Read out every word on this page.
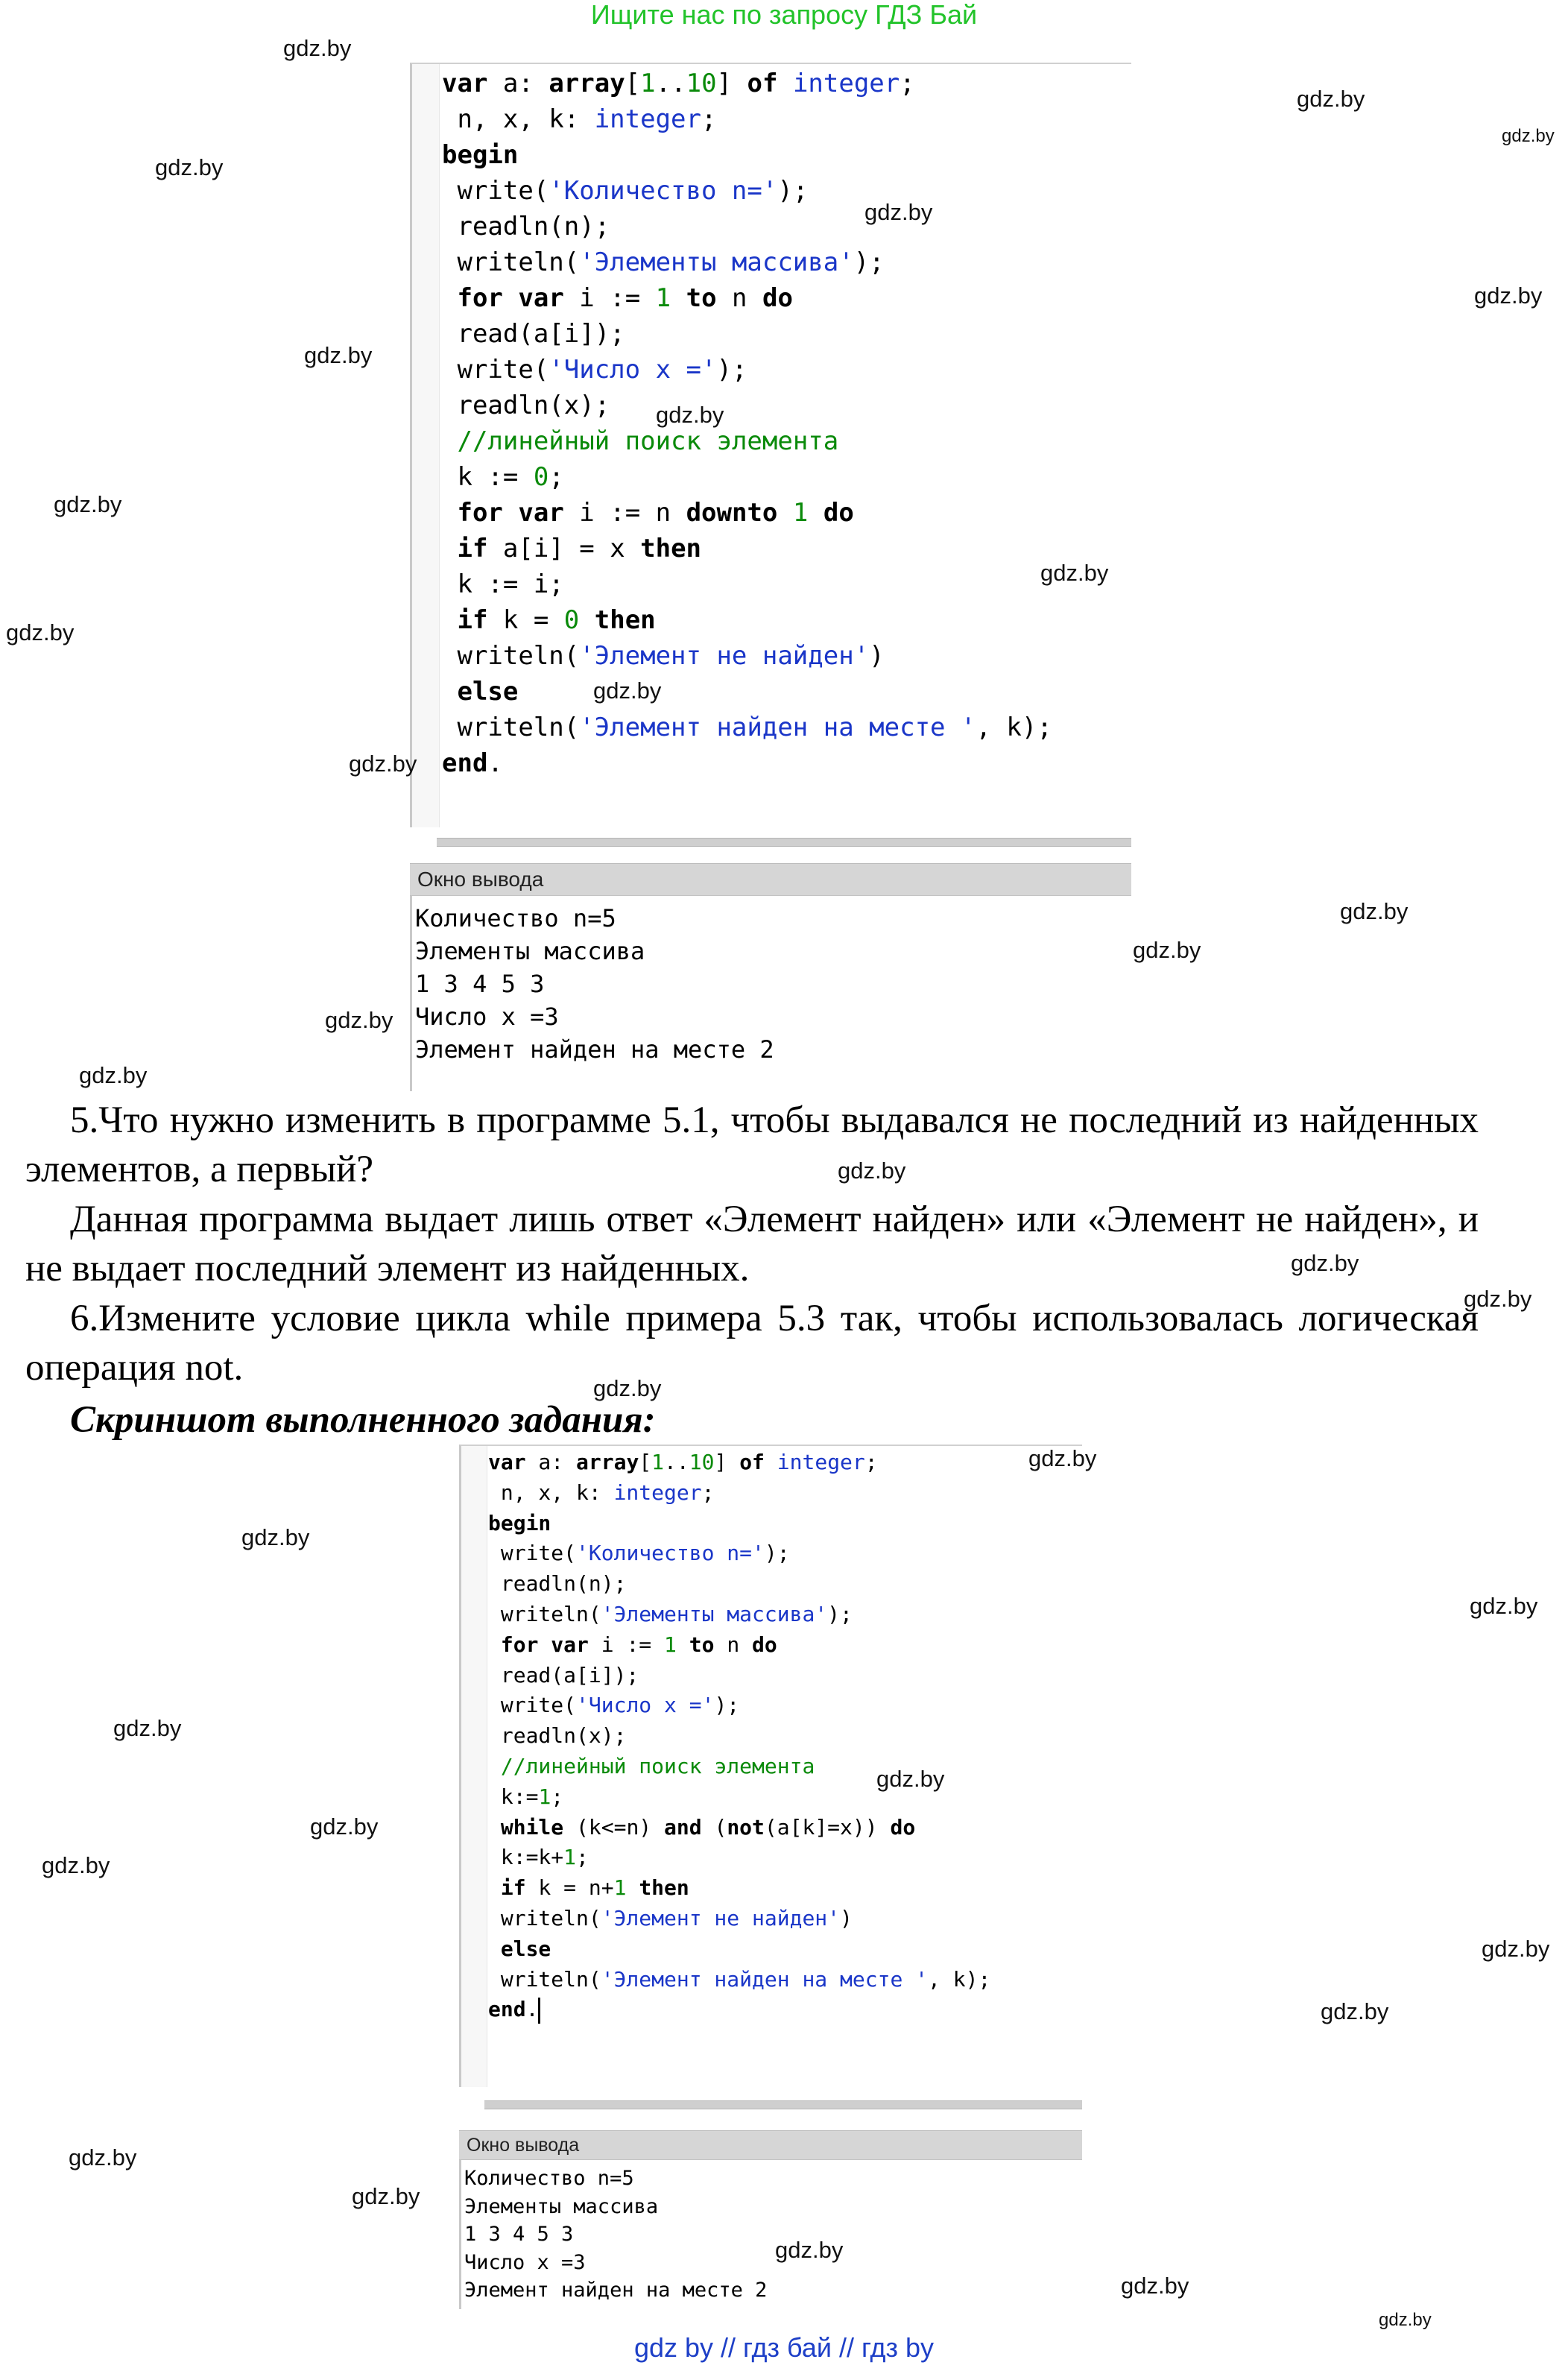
Ищите нас по запросу ГДЗ Бай
var a: array[1..10] of integer;
n, x, k: integer;
begin
write('Количество n=');
readln(n);
writeln('Элементы массива');
for var i := 1 to n do
read(a[i]);
write('Число x =');
readln(x);
//линейный поиск элемента
k := 0;
for var i := n downto 1 do
if a[i] = x then
k := i;
if k = 0 then
writeln('Элемент не найден')
else
writeln('Элемент найден на месте ', k);
end.
Окно вывода
Количество n=5
Элементы массива
1 3 4 5 3
Число x =3
Элемент найден на месте 2

5.Что нужно изменить в программе 5.1, чтобы выдавался не последний из найденных элементов, а первый?

Данная программа выдает лишь ответ «Элемент найден» или «Элемент не найден», и не выдает последний элемент из найденных.

6.Измените условие цикла while примера 5.3 так, чтобы использовалась логическая операция not.

Скриншот выполненного задания:
var a: array[1..10] of integer;
n, x, k: integer;
begin
write('Количество n=');
readln(n);
writeln('Элементы массива');
for var i := 1 to n do
read(a[i]);
write('Число x =');
readln(x);
//линейный поиск элемента
k:=1;
while (k<=n) and (not(a[k]=x)) do
k:=k+1;
if k = n+1 then
writeln('Элемент не найден')
else
writeln('Элемент найден на месте ', k);
end.
Окно вывода
Количество n=5
Элементы массива
1 3 4 5 3
Число x =3
Элемент найден на месте 2
gdz by // гдз бай // гдз by
gdz.by
gdz.by
gdz.by
gdz.by
gdz.by
gdz.by
gdz.by
gdz.by
gdz.by
gdz.by
gdz.by
gdz.by
gdz.by
gdz.by
gdz.by
gdz.by
gdz.by
gdz.by
gdz.by
gdz.by
gdz.by
gdz.by
gdz.by
gdz.by
gdz.by
gdz.by
gdz.by
gdz.by
gdz.by
gdz.by
gdz.by
gdz.by
gdz.by
gdz.by
gdz.by
